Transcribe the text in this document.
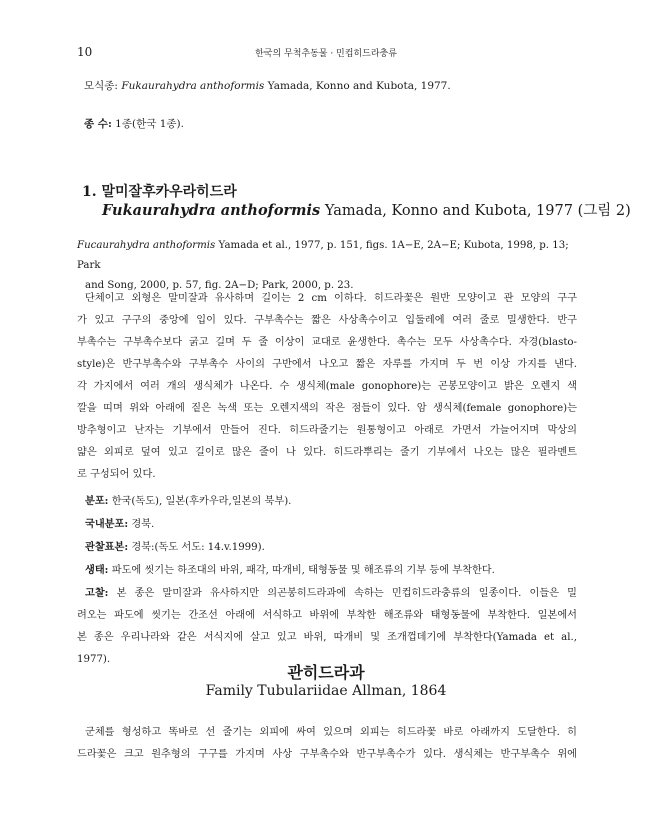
10	한국의 무척추동물 · 민컵히드라충류
모식종: Fukaurahydra anthoformis Yamada, Konno and Kubota, 1977.
종 수: 1종(한국 1종).
1. 말미잘후카우라히드라
Fukaurahydra anthoformis Yamada, Konno and Kubota, 1977 (그림 2)
Fucaurahydra anthoformis Yamada et al., 1977, p. 151, figs. 1A−E, 2A−E; Kubota, 1998, p. 13; Park
and Song, 2000, p. 57, fig. 2A−D; Park, 2000, p. 23.

단체이고 외형은 말미잘과 유사하며 길이는 2 cm 이하다. 히드라꽃은 원반 모양이고 관 모양의 구구

가 있고 구구의 중앙에 입이 있다. 구부촉수는 짧은 사상촉수이고 입둘레에 여러 줄로 밀생한다. 반구

부촉수는 구부촉수보다 굵고 길며 두 줄 이상이 교대로 윤생한다. 촉수는 모두 사상촉수다. 자경(blasto-

style)은 반구부촉수와 구부촉수 사이의 구반에서 나오고 짧은 자루를 가지며 두 번 이상 가지를 낸다.

각 가지에서 여러 개의 생식체가 나온다. 수 생식체(male gonophore)는 곤봉모양이고 밝은 오렌지 색

깔을 띠며 위와 아래에 짙은 녹색 또는 오렌지색의 작은 점들이 있다. 암 생식체(female gonophore)는

방추형이고 난자는 기부에서 만들어 진다. 히드라줄기는 원통형이고 아래로 가면서 가늘어지며 막상의

얇은 외피로 덮여 있고 길이로 많은 줄이 나 있다. 히드라뿌리는 줄기 기부에서 나오는 많은 필라멘트

로 구성되어 있다.

분포: 한국(독도), 일본(후카우라,일본의 북부).

국내분포: 경북.

관찰표본: 경북:(독도 서도: 14.v.1999).

생태: 파도에 씻기는 하조대의 바위, 패각, 따개비, 태형동물 및 해조류의 기부 등에 부착한다.

고찰: 본 종은 말미잘과 유사하지만 의곤봉히드라과에 속하는 민컵히드라충류의 일종이다. 이들은 밀

려오는 파도에 씻기는 간조선 아래에 서식하고 바위에 부착한 해조류와 태형동물에 부착한다. 일본에서

본 종은 우리나라와 같은 서식지에 살고 있고 바위, 따개비 및 조개껍데기에 부착한다(Yamada et al.,

1977).

관히드라과
Family Tubulariidae Allman, 1864

군체를 형성하고 똑바로 선 줄기는 외피에 싸여 있으며 외피는 히드라꽃 바로 아래까지 도달한다. 히

드라꽃은 크고 원추형의 구구를 가지며 사상 구부촉수와 반구부촉수가 있다. 생식체는 반구부촉수 위에
